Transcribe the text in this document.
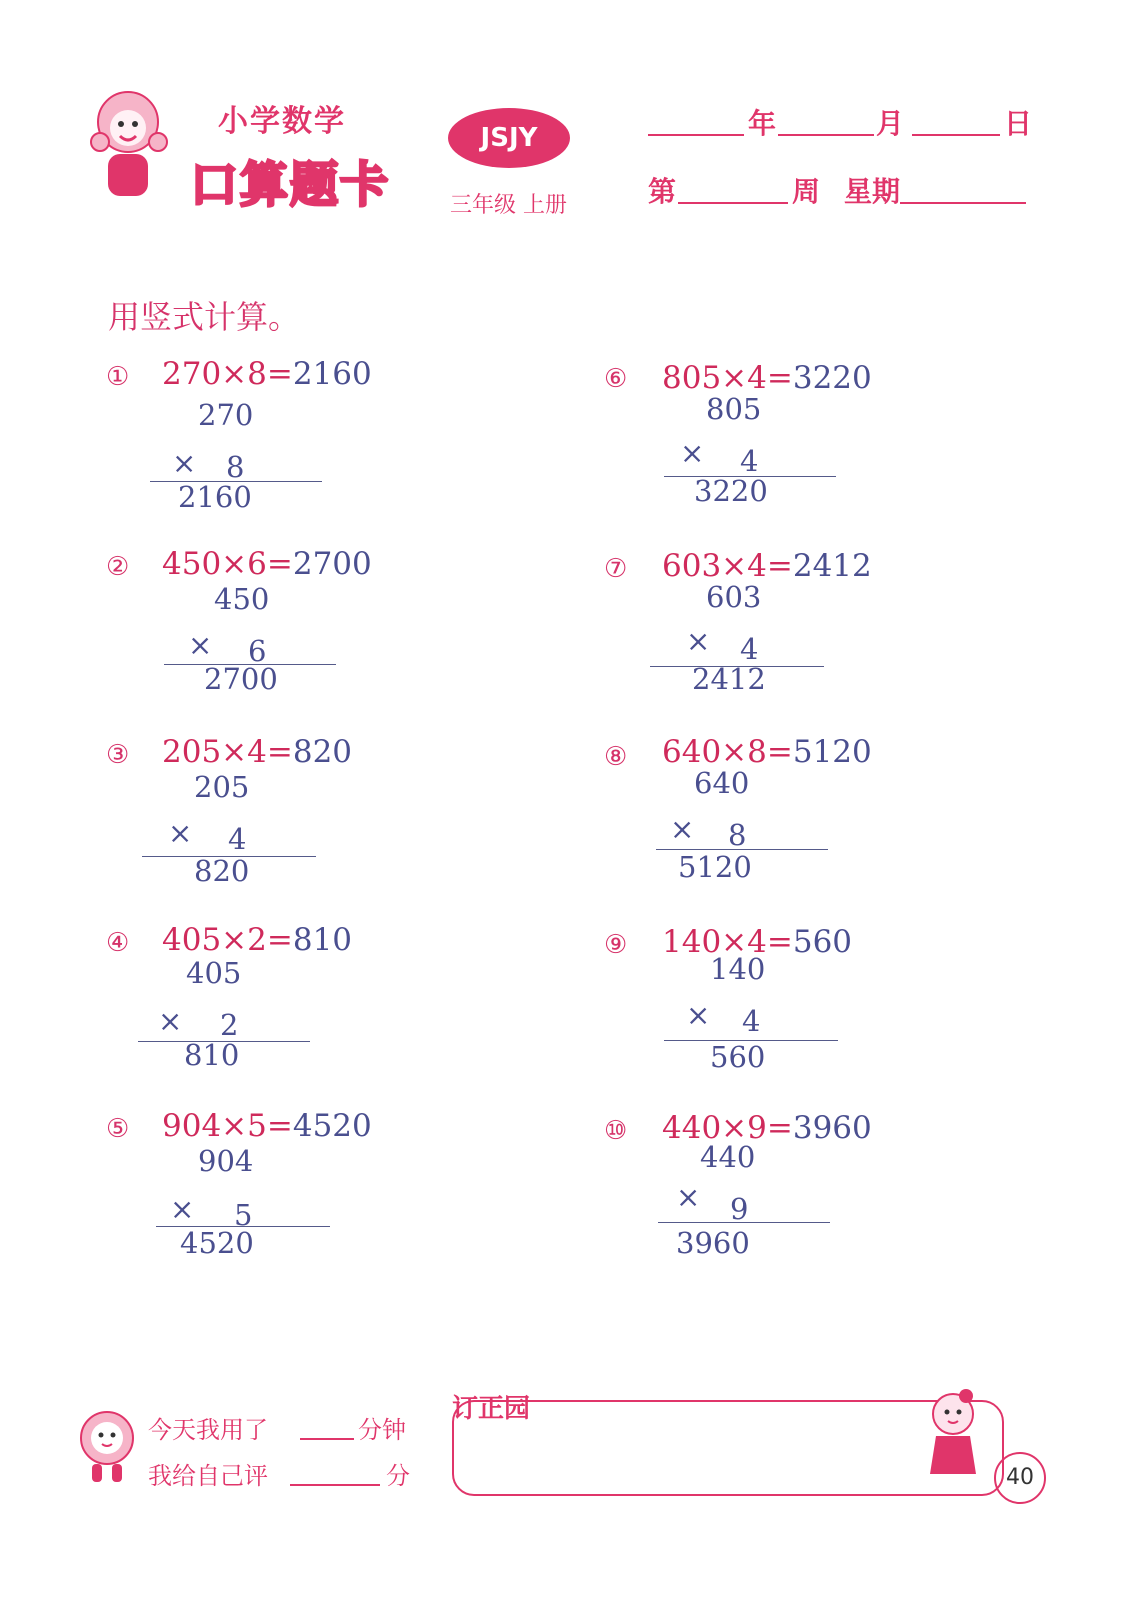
小学数学
口算题卡
JSJY
三年级 上册
年	月	日
第	周 星期
用竖式计算。
① 270×8=2160
270
× 8
2160
② 450×6=2700
450
× 6
2700
③ 205×4=820
205
× 4
820
④ 405×2=810
405
× 2
810
⑤ 904×5=4520
904
× 5
4520
⑥ 805×4=3220
805
× 4
3220
⑦ 603×4=2412
603
× 4
2412
⑧ 640×8=5120
640
× 8
5120
⑨ 140×4=560
140
× 4
560
⑩ 440×9=3960
440
× 9
3960
今天我用了	分钟
我给自己评	分
订正园
40
